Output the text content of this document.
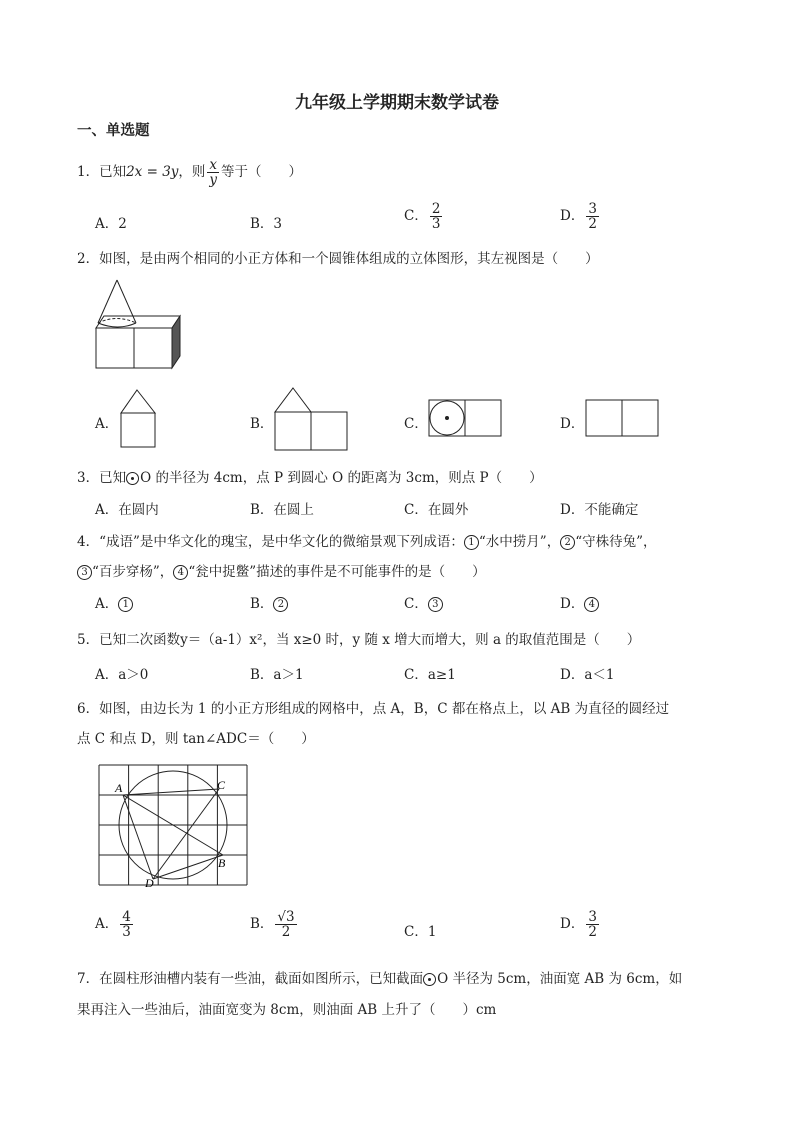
九年级上学期期末数学试卷
一、单选题
1．已知2x = 3y，则 $\frac{x}{y}$ 等于（　　）
A．2	B．3	C． $\frac{2}{3}$	D． $\frac{3}{2}$
2．如图，是由两个相同的小正方体和一个圆锥体组成的立体图形，其左视图是（　　）
A．	B．	C．	D．
3．已知 O 的半径为 4cm，点 P 到圆心 O 的距离为 3cm，则点 P（　　）
A．在圆内	B．在圆上	C．在圆外	D．不能确定
4．“成语”是中华文化的瑰宝，是中华文化的微缩景观下列成语： 1 “水中捞月”， 2 “守株待兔”，
3 “百步穿杨”， 4 “瓮中捉鳖”描述的事件是不可能事件的是（　　）
A． 1	B． 2	C． 3	D． 4
5．已知二次函数y＝（a-1）x²，当 x≥0 时，y 随 x 增大而增大，则 a 的取值范围是（　　）
A．a＞0	B．a＞1	C．a≥1	D．a＜1
6．如图，由边长为 1 的小正方形组成的网格中，点 A，B，C 都在格点上，以 AB 为直径的圆经过
点 C 和点 D，则 tan∠ADC＝（　　）
A	C
B
D
A． $\frac{4}{3}$	B． $\frac{√3}{2}$	C．1	D． $\frac{3}{2}$
7．在圆柱形油槽内装有一些油，截面如图所示，已知截面 O 半径为 5cm，油面宽 AB 为 6cm，如
果再注入一些油后，油面宽变为 8cm，则油面 AB 上升了（　　）cm
